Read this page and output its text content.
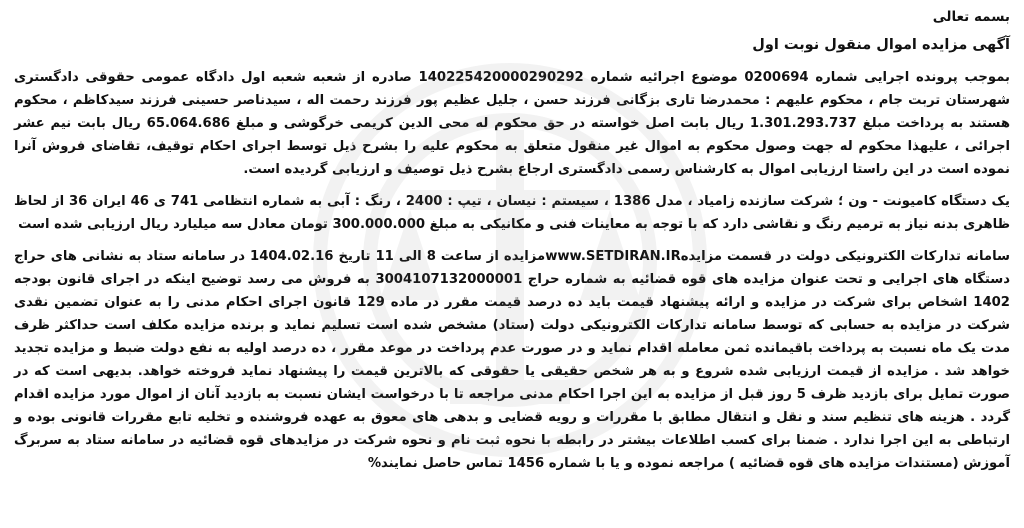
بسمه تعالی

آگهی مزایده اموال منقول نوبت اول

بموجب پرونده اجرایی شماره 0200694 موضوع اجرائیه شماره 140225420000290292 صادره از شعبه شعبه اول دادگاه عمومی حقوقی دادگستری شهرستان تربت جام ، محکوم علیهم : محمدرضا تاری بزگانی فرزند حسن ، جلیل عظیم پور فرزند رحمت اله ، سیدناصر حسینی فرزند سیدکاظم ، محکوم هستند به پرداخت مبلغ 1.301.293.737 ریال بابت اصل خواسته در حق محکوم له محی الدین کریمی خرگوشی و مبلغ 65.064.686 ریال بابت نیم عشر اجرائی ، علیهذا محکوم له جهت وصول محکوم به اموال غیر منقول متعلق به محکوم علیه را بشرح ذیل توسط اجرای احکام توقیف، تقاضای فروش آنرا نموده است در این راستا ارزیابی اموال به کارشناس رسمی دادگستری ارجاع بشرح ذیل توصیف و ارزیابی گردیده است.

یک دستگاه کامیونت - ون ؛ شرکت سازنده زامیاد ، مدل 1386 ، سیستم : نیسان ، تیپ : 2400 ، رنگ : آبی به شماره انتظامی 741 ی 46 ایران 36 از لحاظ ظاهری بدنه نیاز به ترمیم رنگ و نقاشی دارد که با توجه به معاینات فنی و مکانیکی به مبلغ 300.000.000 تومان معادل سه میلیارد ریال ارزیابی شده است

سامانه تدارکات الکترونیکی دولت در قسمت مزایدهwww.SETDIRAN.IRمزایده از ساعت 8 الی 11 تاریخ 1404.02.16 در سامانه ستاد به نشانی های حراج دستگاه های اجرایی و تحت عنوان مزایده های قوه قضائیه به شماره حراج 3004107132000001 به فروش می رسد توضیح اینکه در اجرای قانون بودجه 1402 اشخاص برای شرکت در مزایده و ارائه پیشنهاد قیمت باید ده درصد قیمت مقرر در ماده 129 قانون اجرای احکام مدنی را به عنوان تضمین نقدی شرکت در مزایده به حسابی که توسط سامانه تدارکات الکترونیکی دولت (ستاد) مشخص شده است تسلیم نماید و برنده مزایده مکلف است حداکثر ظرف مدت یک ماه نسبت به پرداخت باقیمانده ثمن معامله اقدام نماید و در صورت عدم پرداخت در موعد مقرر ، ده درصد اولیه به نفع دولت ضبط و مزایده تجدید خواهد شد . مزایده از قیمت ارزیابی شده شروع و به هر شخص حقیقی یا حقوقی که بالاترین قیمت را پیشنهاد نماید فروخته خواهد. بدیهی است که در صورت تمایل برای بازدید ظرف 5 روز قبل از مزایده به این اجرا احکام مدنی مراجعه تا با درخواست ایشان نسبت به بازدید آنان از اموال مورد مزایده اقدام گردد . هزینه های تنظیم سند و نقل و انتقال مطابق با مقررات و رویه قضایی و بدهی های معوق به عهده فروشنده و تخلیه تابع مقررات قانونی بوده و ارتباطی به این اجرا ندارد . ضمنا برای کسب اطلاعات بیشتر در رابطه با نحوه ثبت نام و نحوه شرکت در مزایدهای قوه قضائیه در سامانه ستاد به سربرگ آموزش (مستندات مزایده های قوه قضائیه ) مراجعه نموده و یا با شماره 1456 تماس حاصل نمایند%
